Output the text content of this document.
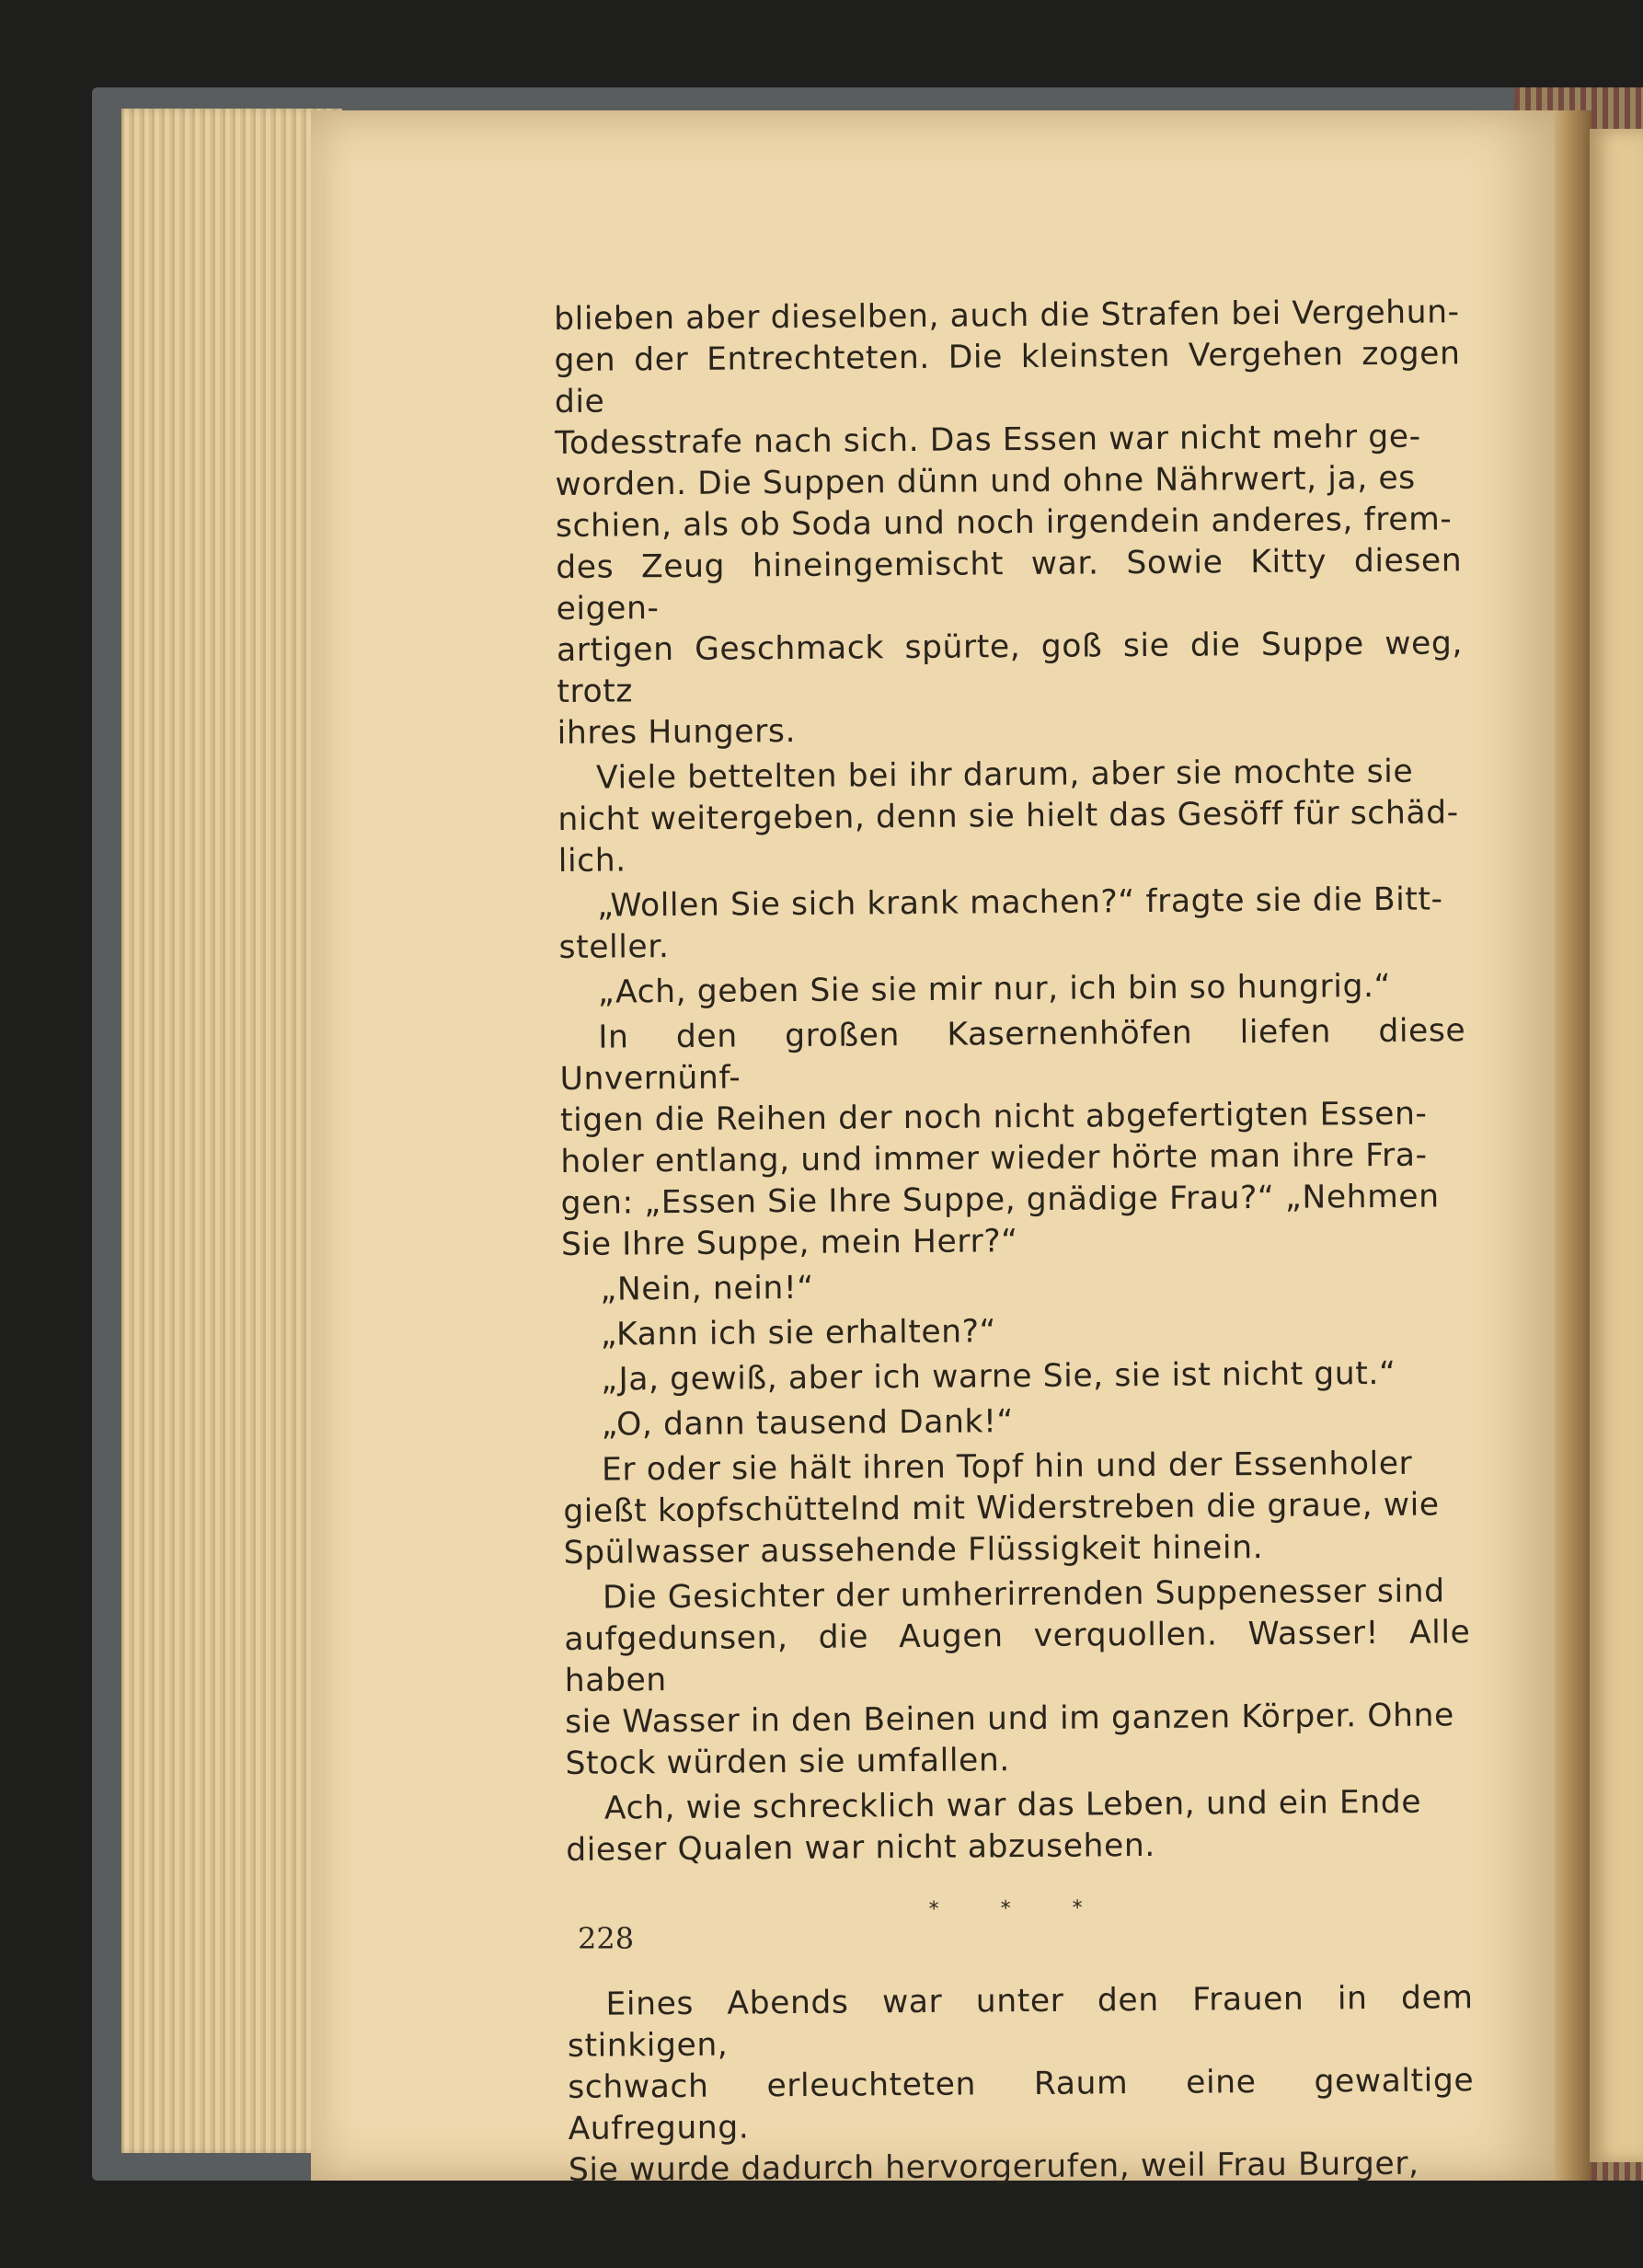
blieben aber dieselben, auch die Strafen bei Vergehun-
gen der Entrechteten. Die kleinsten Vergehen zogen die
Todesstrafe nach sich. Das Essen war nicht mehr ge-
worden. Die Suppen dünn und ohne Nährwert, ja, es
schien, als ob Soda und noch irgendein anderes, frem-
des Zeug hineingemischt war. Sowie Kitty diesen eigen-
artigen Geschmack spürte, goß sie die Suppe weg, trotz
ihres Hungers.

Viele bettelten bei ihr darum, aber sie mochte sie
nicht weitergeben, denn sie hielt das Gesöff für schäd-
lich.

„Wollen Sie sich krank machen?“ fragte sie die Bitt-
steller.

„Ach, geben Sie sie mir nur, ich bin so hungrig.“

In den großen Kasernenhöfen liefen diese Unvernünf-
tigen die Reihen der noch nicht abgefertigten Essen-
holer entlang, und immer wieder hörte man ihre Fra-
gen: „Essen Sie Ihre Suppe, gnädige Frau?“ „Nehmen
Sie Ihre Suppe, mein Herr?“

„Nein, nein!“

„Kann ich sie erhalten?“

„Ja, gewiß, aber ich warne Sie, sie ist nicht gut.“

„O, dann tausend Dank!“

Er oder sie hält ihren Topf hin und der Essenholer
gießt kopfschüttelnd mit Widerstreben die graue, wie
Spülwasser aussehende Flüssigkeit hinein.

Die Gesichter der umherirrenden Suppenesser sind
aufgedunsen, die Augen verquollen. Wasser! Alle haben
sie Wasser in den Beinen und im ganzen Körper. Ohne
Stock würden sie umfallen.

Ach, wie schrecklich war das Leben, und ein Ende
dieser Qualen war nicht abzusehen.

* * *

Eines Abends war unter den Frauen in dem stinkigen,
schwach erleuchteten Raum eine gewaltige Aufregung.
Sie wurde dadurch hervorgerufen, weil Frau Burger,

228
